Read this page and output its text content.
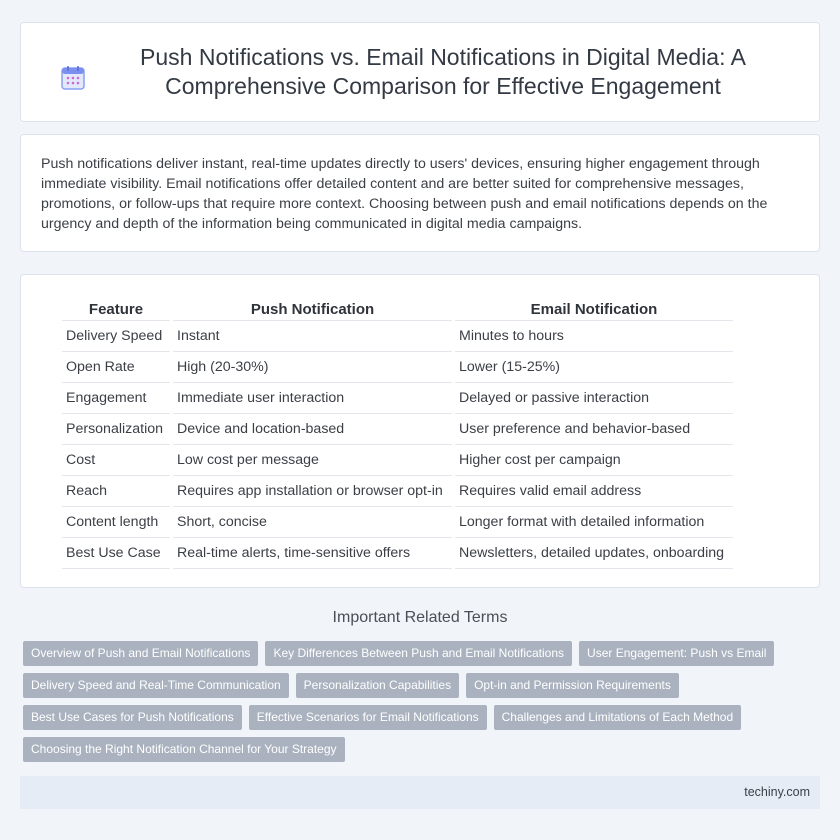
Push Notifications vs. Email Notifications in Digital Media: A Comprehensive Comparison for Effective Engagement

Push notifications deliver instant, real-time updates directly to users' devices, ensuring higher engagement through immediate visibility. Email notifications offer detailed content and are better suited for comprehensive messages, promotions, or follow-ups that require more context. Choosing between push and email notifications depends on the urgency and depth of the information being communicated in digital media campaigns.

Feature	Push Notification	Email Notification
Delivery Speed	Instant	Minutes to hours
Open Rate	High (20-30%)	Lower (15-25%)
Engagement	Immediate user interaction	Delayed or passive interaction
Personalization	Device and location-based	User preference and behavior-based
Cost	Low cost per message	Higher cost per campaign
Reach	Requires app installation or browser opt-in	Requires valid email address
Content length	Short, concise	Longer format with detailed information
Best Use Case	Real-time alerts, time-sensitive offers	Newsletters, detailed updates, onboarding
Important Related Terms
Overview of Push and Email Notifications	Key Differences Between Push and Email Notifications	User Engagement: Push vs Email
Delivery Speed and Real-Time Communication	Personalization Capabilities	Opt-in and Permission Requirements
Best Use Cases for Push Notifications	Effective Scenarios for Email Notifications	Challenges and Limitations of Each Method
Choosing the Right Notification Channel for Your Strategy
techiny.com
